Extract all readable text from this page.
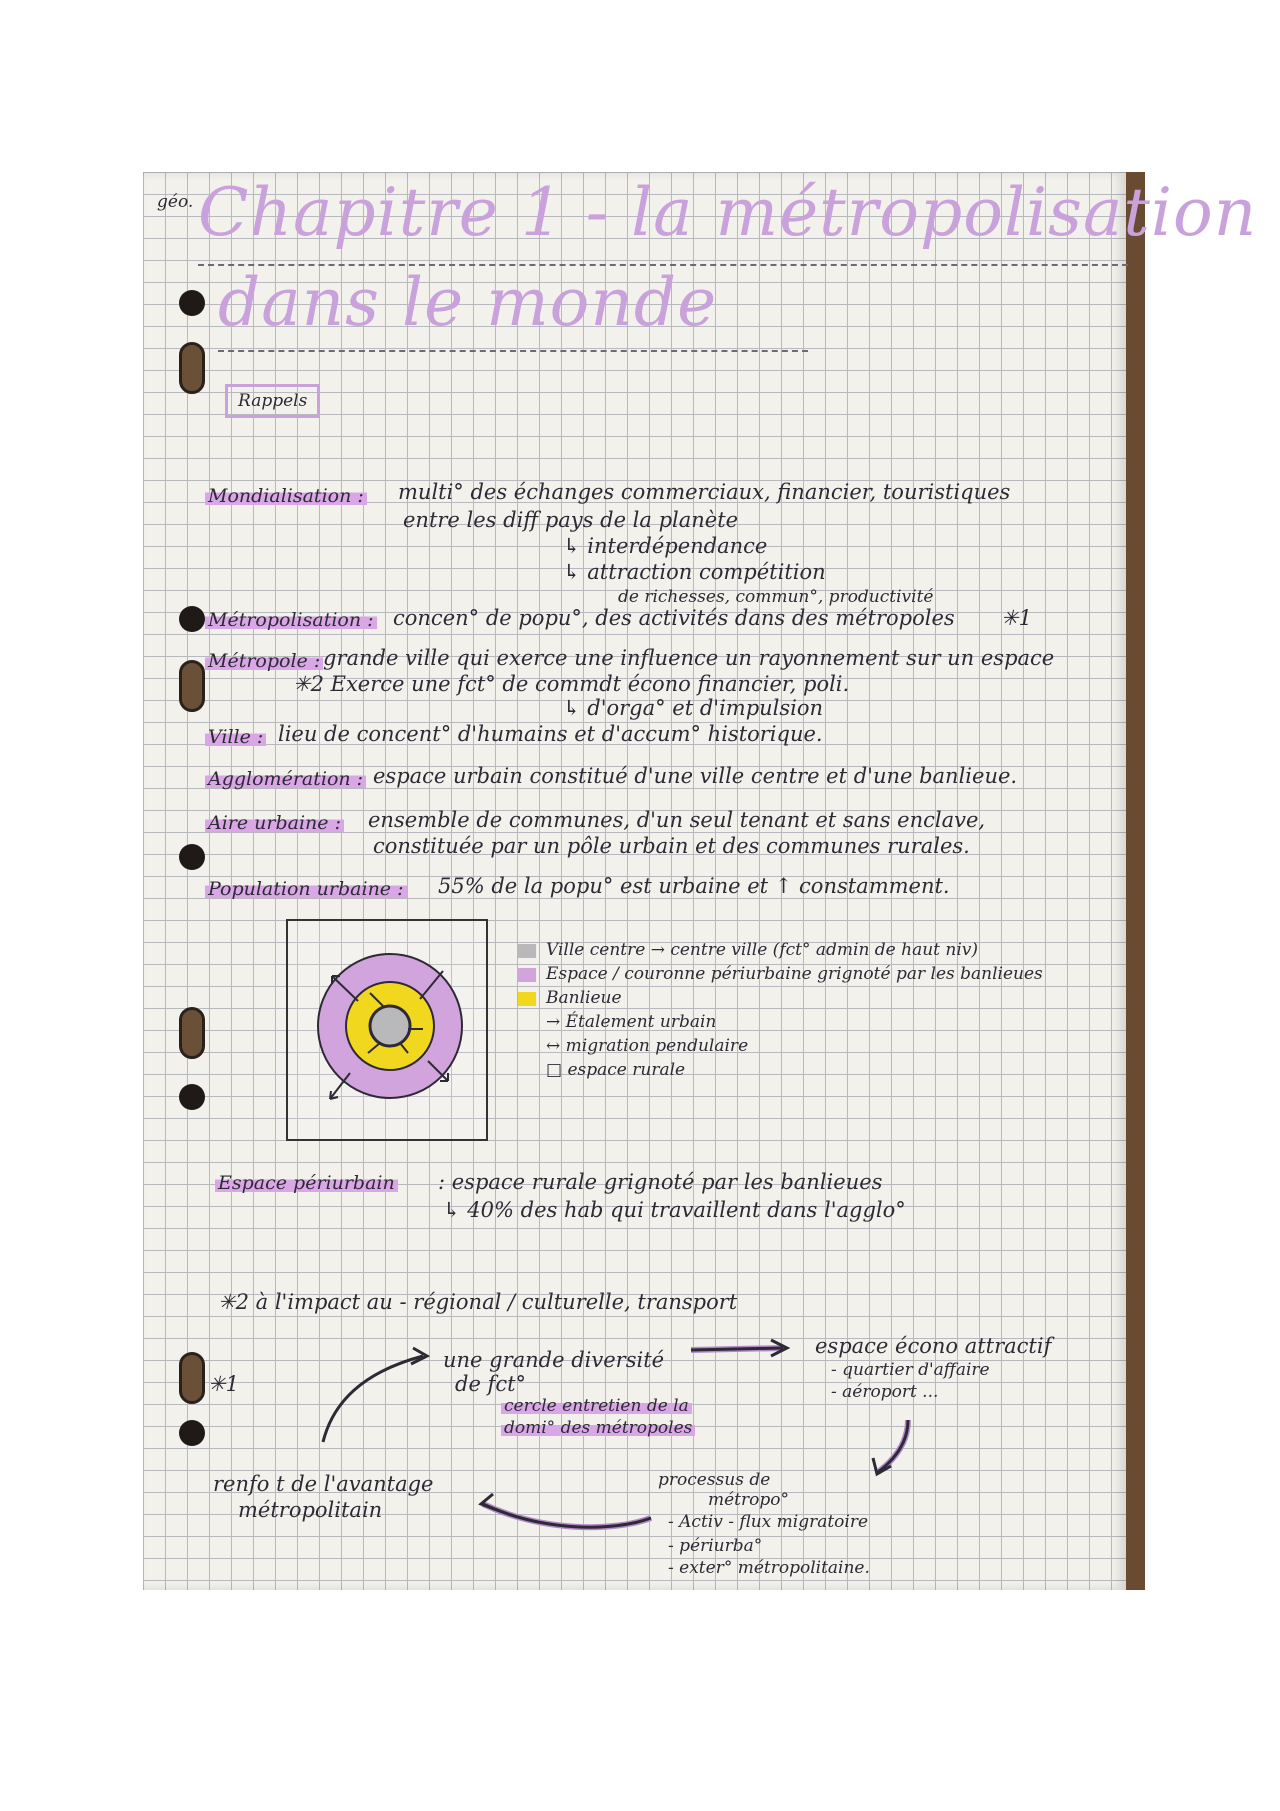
géo. Chapitre 1 - la métropolisation
dans le monde
Rappels
Mondialisation : multi° des échanges commerciaux, financier, touristiques
entre les diff pays de la planète
↳ interdépendance
↳ attraction compétition
de richesses, commun°, productivité
Métropolisation : concen° de popu°, des activités dans des métropoles ✳1
Métropole : grande ville qui exerce une influence un rayonnement sur un espace
✳2 Exerce une fct° de commdt écono financier, poli.
↳ d'orga° et d'impulsion
Ville : lieu de concent° d'humains et d'accum° historique.
Agglomération : espace urbain constitué d'une ville centre et d'une banlieue.
Aire urbaine : ensemble de communes, d'un seul tenant et sans enclave,
constituée par un pôle urbain et des communes rurales.
Population urbaine : 55% de la popu° est urbaine et ↑ constamment.
Ville centre → centre ville (fct° admin de haut niv)
Espace / couronne périurbaine grignoté par les banlieues
Banlieue
→ Étalement urbain
↔ migration pendulaire
□ espace rurale
Espace périurbain : espace rurale grignoté par les banlieues
↳ 40% des hab qui travaillent dans l'agglo°
✳2 à l'impact au - régional / culturelle, transport
✳1
une grande diversité
de fct°
cercle entretien de la
domi° des métropoles
espace écono attractif
- quartier d'affaire
- aéroport ...
processus de
métropo°
- Activ - flux migratoire
- périurba°
- exter° métropolitaine.
renfo t de l'avantage
métropolitain
